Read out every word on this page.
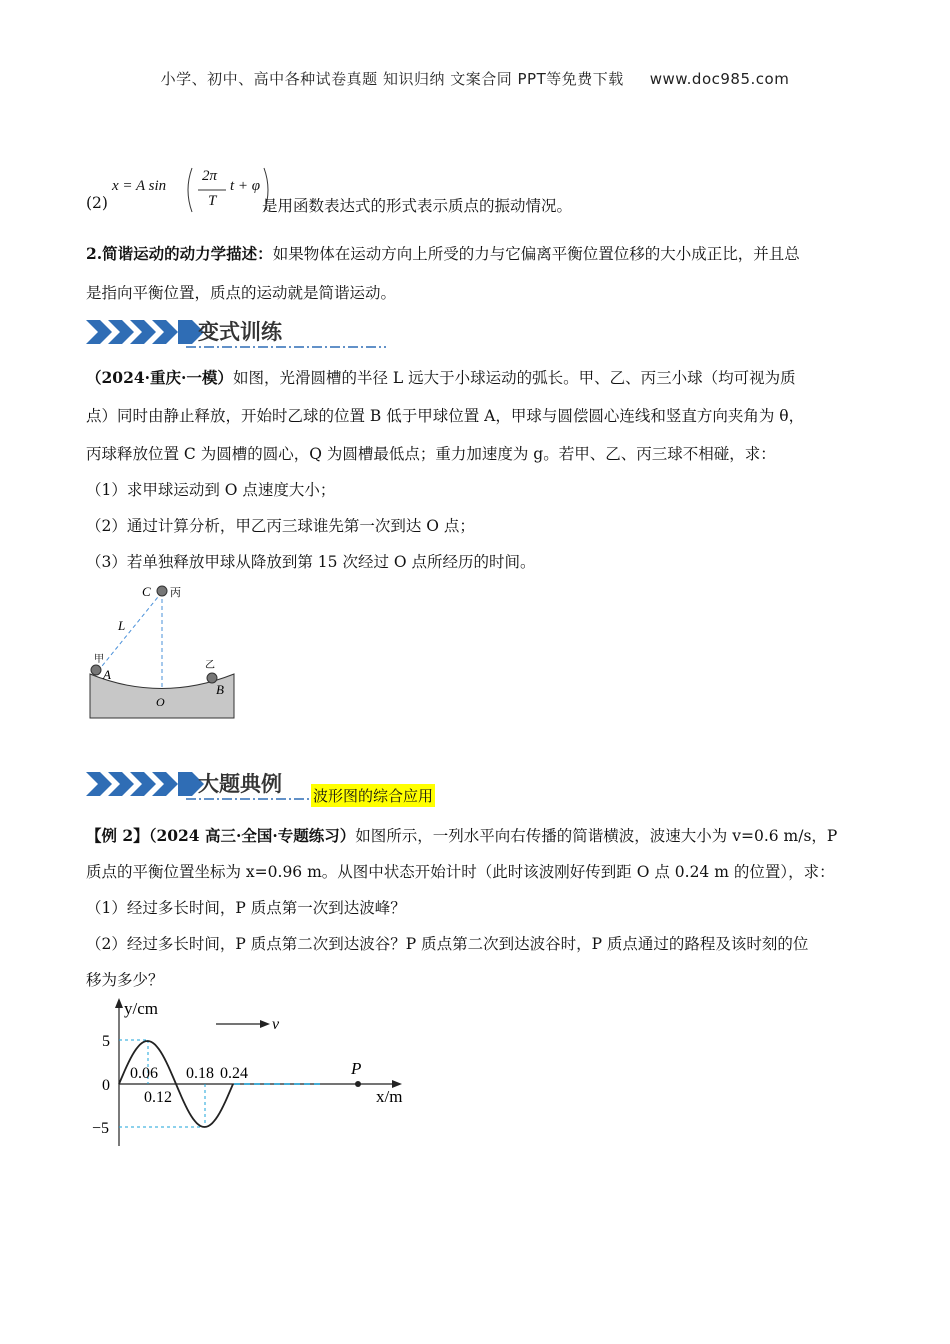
小学、初中、高中各种试卷真题 知识归纳 文案合同 PPT等免费下载 www.doc985.com
(2)
x = A sin
2π
T
t + φ
是用函数表达式的形式表示质点的振动情况。
2.简谐运动的动力学描述：如果物体在运动方向上所受的力与它偏离平衡位置位移的大小成正比，并且总
是指向平衡位置，质点的运动就是简谐运动。
变式训练
（2024·重庆·一模）如图，光滑圆槽的半径 L 远大于小球运动的弧长。甲、乙、丙三小球（均可视为质
点）同时由静止释放，开始时乙球的位置 B 低于甲球位置 A，甲球与圆偿圆心连线和竖直方向夹角为 θ，
丙球释放位置 C 为圆槽的圆心，Q 为圆槽最低点；重力加速度为 g。若甲、乙、丙三球不相碰，求：
（1）求甲球运动到 O 点速度大小；
（2）通过计算分析，甲乙丙三球谁先第一次到达 O 点；
（3）若单独释放甲球从降放到第 15 次经过 O 点所经历的时间。
C 丙
L
甲
A
乙
B
O
大题典例 波形图的综合应用
【例 2】（2024 高三·全国·专题练习）如图所示，一列水平向右传播的简谐横波，波速大小为 v=0.6 m/s，P
质点的平衡位置坐标为 x=0.96 m。从图中状态开始计时（此时该波刚好传到距 O 点 0.24 m 的位置），求：
（1）经过多长时间，P 质点第一次到达波峰？
（2）经过多长时间，P 质点第二次到达波谷？P 质点第二次到达波谷时，P 质点通过的路程及该时刻的位
移为多少？
v
P
y/cm
x/m
5
0
−5
0.06 0.18 0.24
0.12
